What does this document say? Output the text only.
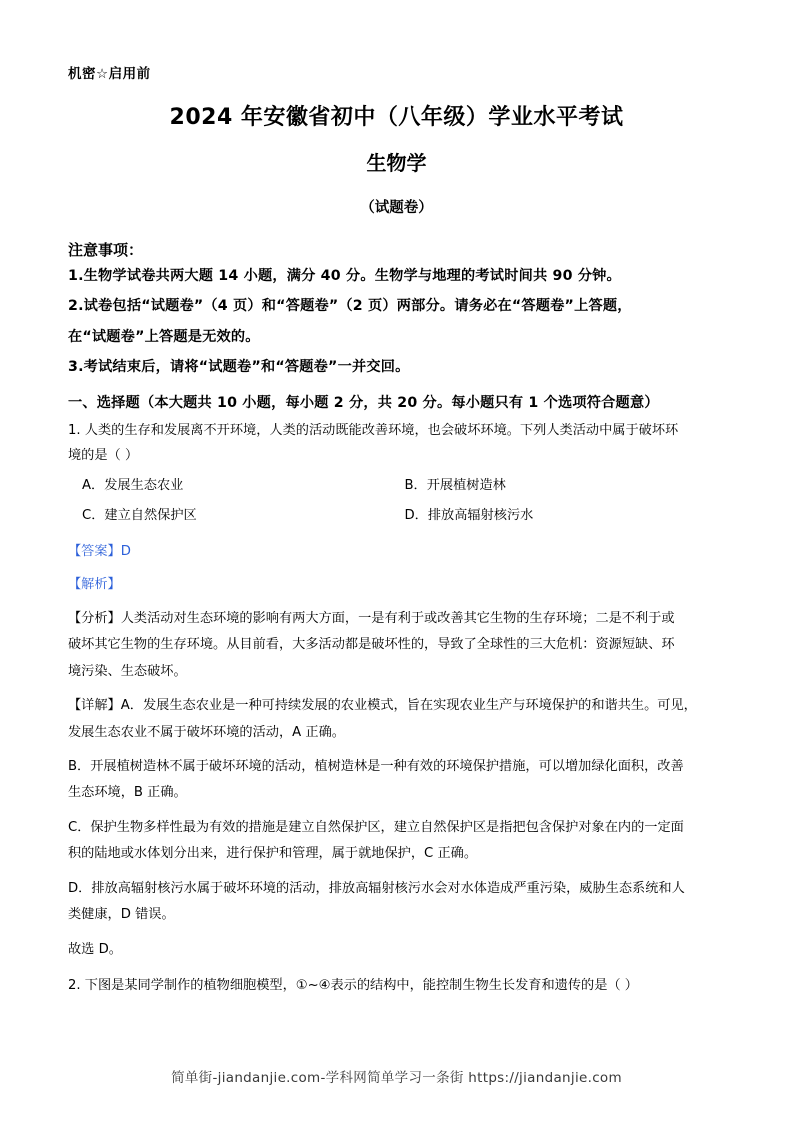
机密☆启用前
2024 年安徽省初中（八年级）学业水平考试
生物学
（试题卷）
注意事项：
1.生物学试卷共两大题 14 小题，满分 40 分。生物学与地理的考试时间共 90 分钟。
2.试卷包括“试题卷”（4 页）和“答题卷”（2 页）两部分。请务必在“答题卷”上答题，
在“试题卷”上答题是无效的。
3.考试结束后，请将“试题卷”和“答题卷”一并交回。
一、选择题（本大题共 10 小题，每小题 2 分，共 20 分。每小题只有 1 个选项符合题意）
1. 人类的生存和发展离不开环境，人类的活动既能改善环境，也会破坏环境。下列人类活动中属于破坏环
境的是（ ）
A．发展生态农业	B．开展植树造林
C．建立自然保护区	D．排放高辐射核污水
【答案】D
【解析】
【分析】人类活动对生态环境的影响有两大方面，一是有利于或改善其它生物的生存环境；二是不利于或
破坏其它生物的生存环境。从目前看，大多活动都是破坏性的，导致了全球性的三大危机：资源短缺、环
境污染、生态破坏。
【详解】A．发展生态农业是一种可持续发展的农业模式，旨在实现农业生产与环境保护的和谐共生。可见，
发展生态农业不属于破坏环境的活动，A 正确。
B．开展植树造林不属于破坏环境的活动，植树造林是一种有效的环境保护措施，可以增加绿化面积，改善
生态环境，B 正确。
C．保护生物多样性最为有效的措施是建立自然保护区，建立自然保护区是指把包含保护对象在内的一定面
积的陆地或水体划分出来，进行保护和管理，属于就地保护，C 正确。
D．排放高辐射核污水属于破坏环境的活动，排放高辐射核污水会对水体造成严重污染，威胁生态系统和人
类健康，D 错误。
故选 D。
2. 下图是某同学制作的植物细胞模型，①~④表示的结构中，能控制生物生长发育和遗传的是（ ）
简单街-jiandanjie.com-学科网简单学习一条街 https://jiandanjie.com
